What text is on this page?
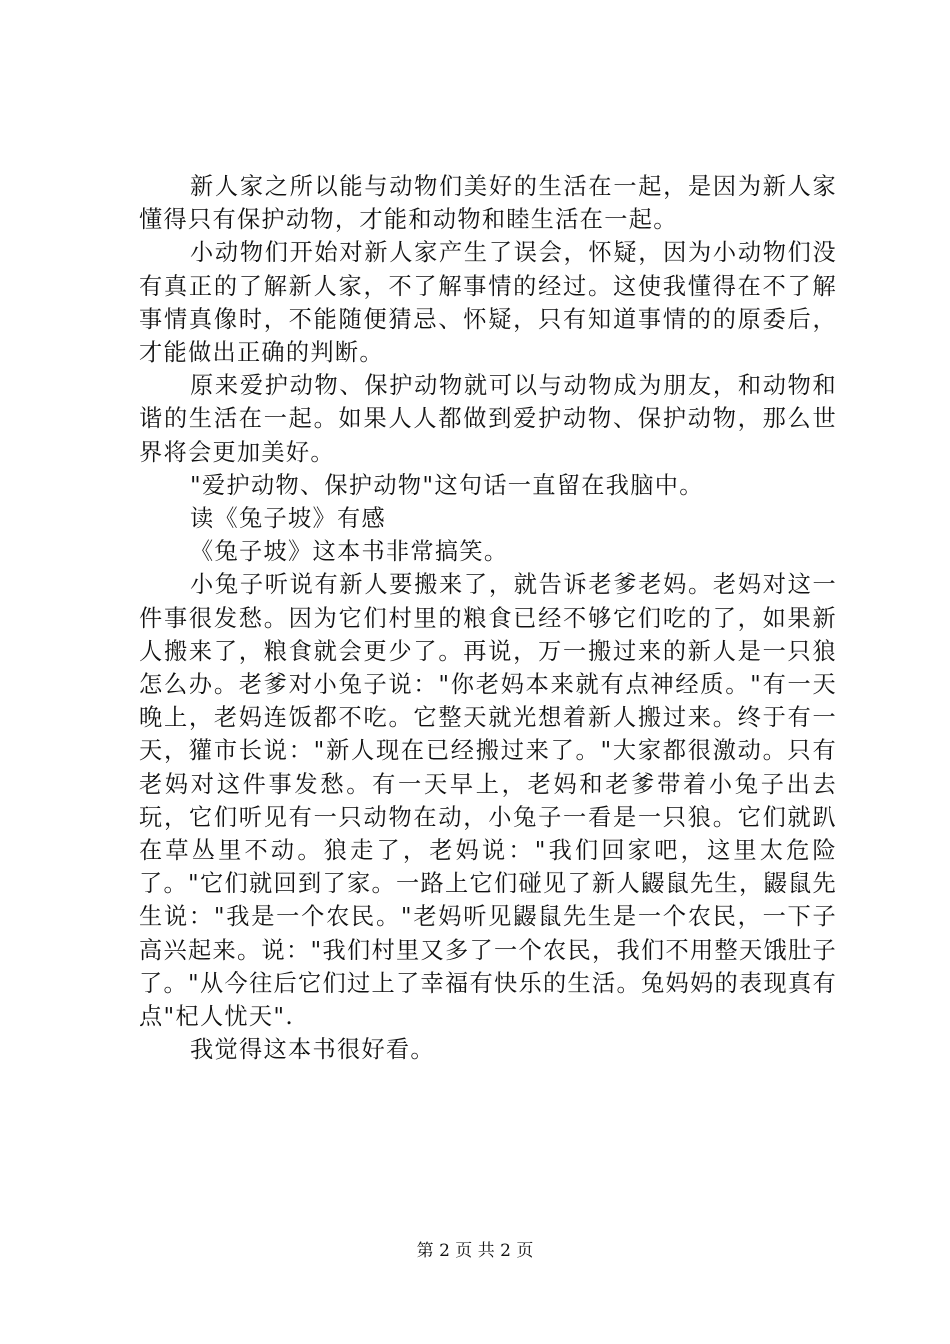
新人家之所以能与动物们美好的生活在一起，是因为新人家懂得只有保护动物，才能和动物和睦生活在一起。

小动物们开始对新人家产生了误会，怀疑，因为小动物们没有真正的了解新人家，不了解事情的经过。这使我懂得在不了解事情真像时，不能随便猜忌、怀疑，只有知道事情的的原委后，才能做出正确的判断。

原来爱护动物、保护动物就可以与动物成为朋友，和动物和谐的生活在一起。如果人人都做到爱护动物、保护动物，那么世界将会更加美好。

"爱护动物、保护动物"这句话一直留在我脑中。

读《兔子坡》有感

《兔子坡》这本书非常搞笑。

小兔子听说有新人要搬来了，就告诉老爹老妈。老妈对这一件事很发愁。因为它们村里的粮食已经不够它们吃的了，如果新人搬来了，粮食就会更少了。再说，万一搬过来的新人是一只狼怎么办。老爹对小兔子说："你老妈本来就有点神经质。"有一天晚上，老妈连饭都不吃。它整天就光想着新人搬过来。终于有一天，獾市长说："新人现在已经搬过来了。"大家都很激动。只有老妈对这件事发愁。有一天早上，老妈和老爹带着小兔子出去玩，它们听见有一只动物在动，小兔子一看是一只狼。它们就趴在草丛里不动。狼走了，老妈说："我们回家吧，这里太危险了。"它们就回到了家。一路上它们碰见了新人鼹鼠先生，鼹鼠先生说："我是一个农民。"老妈听见鼹鼠先生是一个农民，一下子高兴起来。说："我们村里又多了一个农民，我们不用整天饿肚子了。"从今往后它们过上了幸福有快乐的生活。兔妈妈的表现真有点"杞人忧天".

我觉得这本书很好看。

第 2 页 共 2 页
